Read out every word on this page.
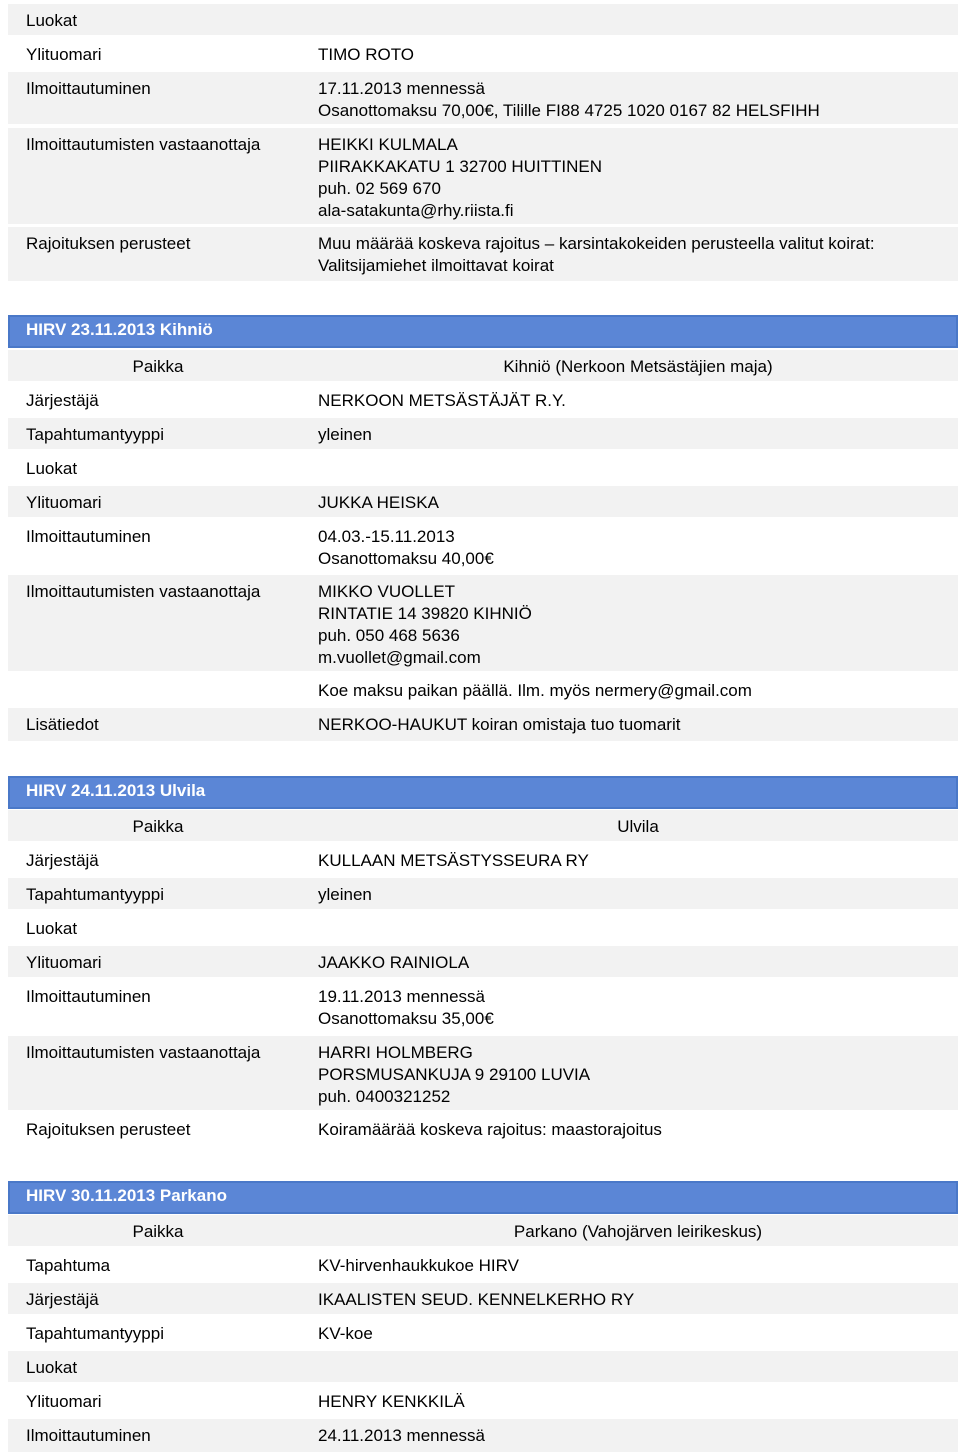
Luokat
Ylituomari	TIMO ROTO
Ilmoittautuminen	17.11.2013 mennessä
Osanottomaksu 70,00€, Tilille FI88 4725 1020 0167 82 HELSFIHH
Ilmoittautumisten vastaanottaja	HEIKKI KULMALA
PIIRAKKAKATU 1 32700 HUITTINEN
puh. 02 569 670
ala-satakunta@rhy.riista.fi
Rajoituksen perusteet	Muu määrää koskeva rajoitus – karsintakokeiden perusteella valitut koirat:
Valitsijamiehet ilmoittavat koirat
HIRV 23.11.2013 Kihniö
Paikka	Kihniö (Nerkoon Metsästäjien maja)
Järjestäjä	NERKOON METSÄSTÄJÄT R.Y.
Tapahtumantyyppi	yleinen
Luokat
Ylituomari	JUKKA HEISKA
Ilmoittautuminen	04.03.-15.11.2013
Osanottomaksu 40,00€
Ilmoittautumisten vastaanottaja	MIKKO VUOLLET
RINTATIE 14 39820 KIHNIÖ
puh. 050 468 5636
m.vuollet@gmail.com
Koe maksu paikan päällä. Ilm. myös nermery@gmail.com
Lisätiedot	NERKOO-HAUKUT koiran omistaja tuo tuomarit
HIRV 24.11.2013 Ulvila
Paikka	Ulvila
Järjestäjä	KULLAAN METSÄSTYSSEURA RY
Tapahtumantyyppi	yleinen
Luokat
Ylituomari	JAAKKO RAINIOLA
Ilmoittautuminen	19.11.2013 mennessä
Osanottomaksu 35,00€
Ilmoittautumisten vastaanottaja	HARRI HOLMBERG
PORSMUSANKUJA 9 29100 LUVIA
puh. 0400321252
Rajoituksen perusteet	Koiramäärää koskeva rajoitus: maastorajoitus
HIRV 30.11.2013 Parkano
Paikka	Parkano (Vahojärven leirikeskus)
Tapahtuma	KV-hirvenhaukkukoe HIRV
Järjestäjä	IKAALISTEN SEUD. KENNELKERHO RY
Tapahtumantyyppi	KV-koe
Luokat
Ylituomari	HENRY KENKKILÄ
Ilmoittautuminen	24.11.2013 mennessä
